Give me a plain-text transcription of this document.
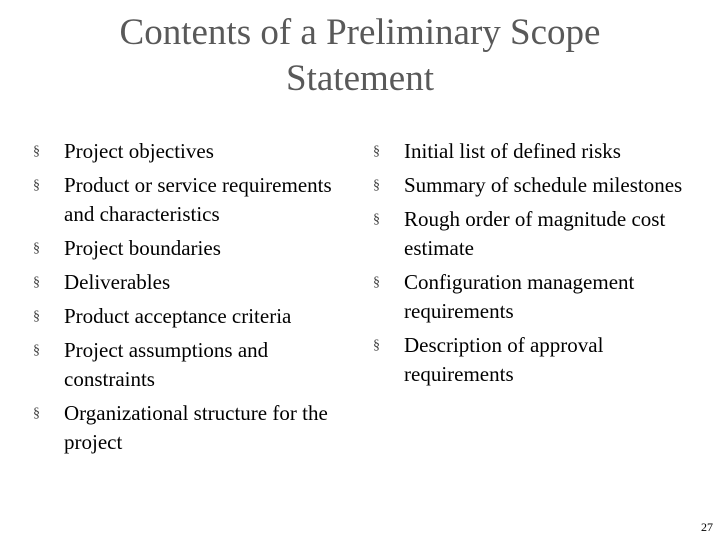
Contents of a Preliminary Scope
Statement
§ Project objectives
§ Product or service requirements and characteristics
§ Project boundaries
§ Deliverables
§ Product acceptance criteria
§ Project assumptions and constraints
§ Organizational structure for the project
§ Initial list of defined risks
§ Summary of schedule milestones
§ Rough order of magnitude cost estimate
§ Configuration management requirements
§ Description of approval requirements
27
